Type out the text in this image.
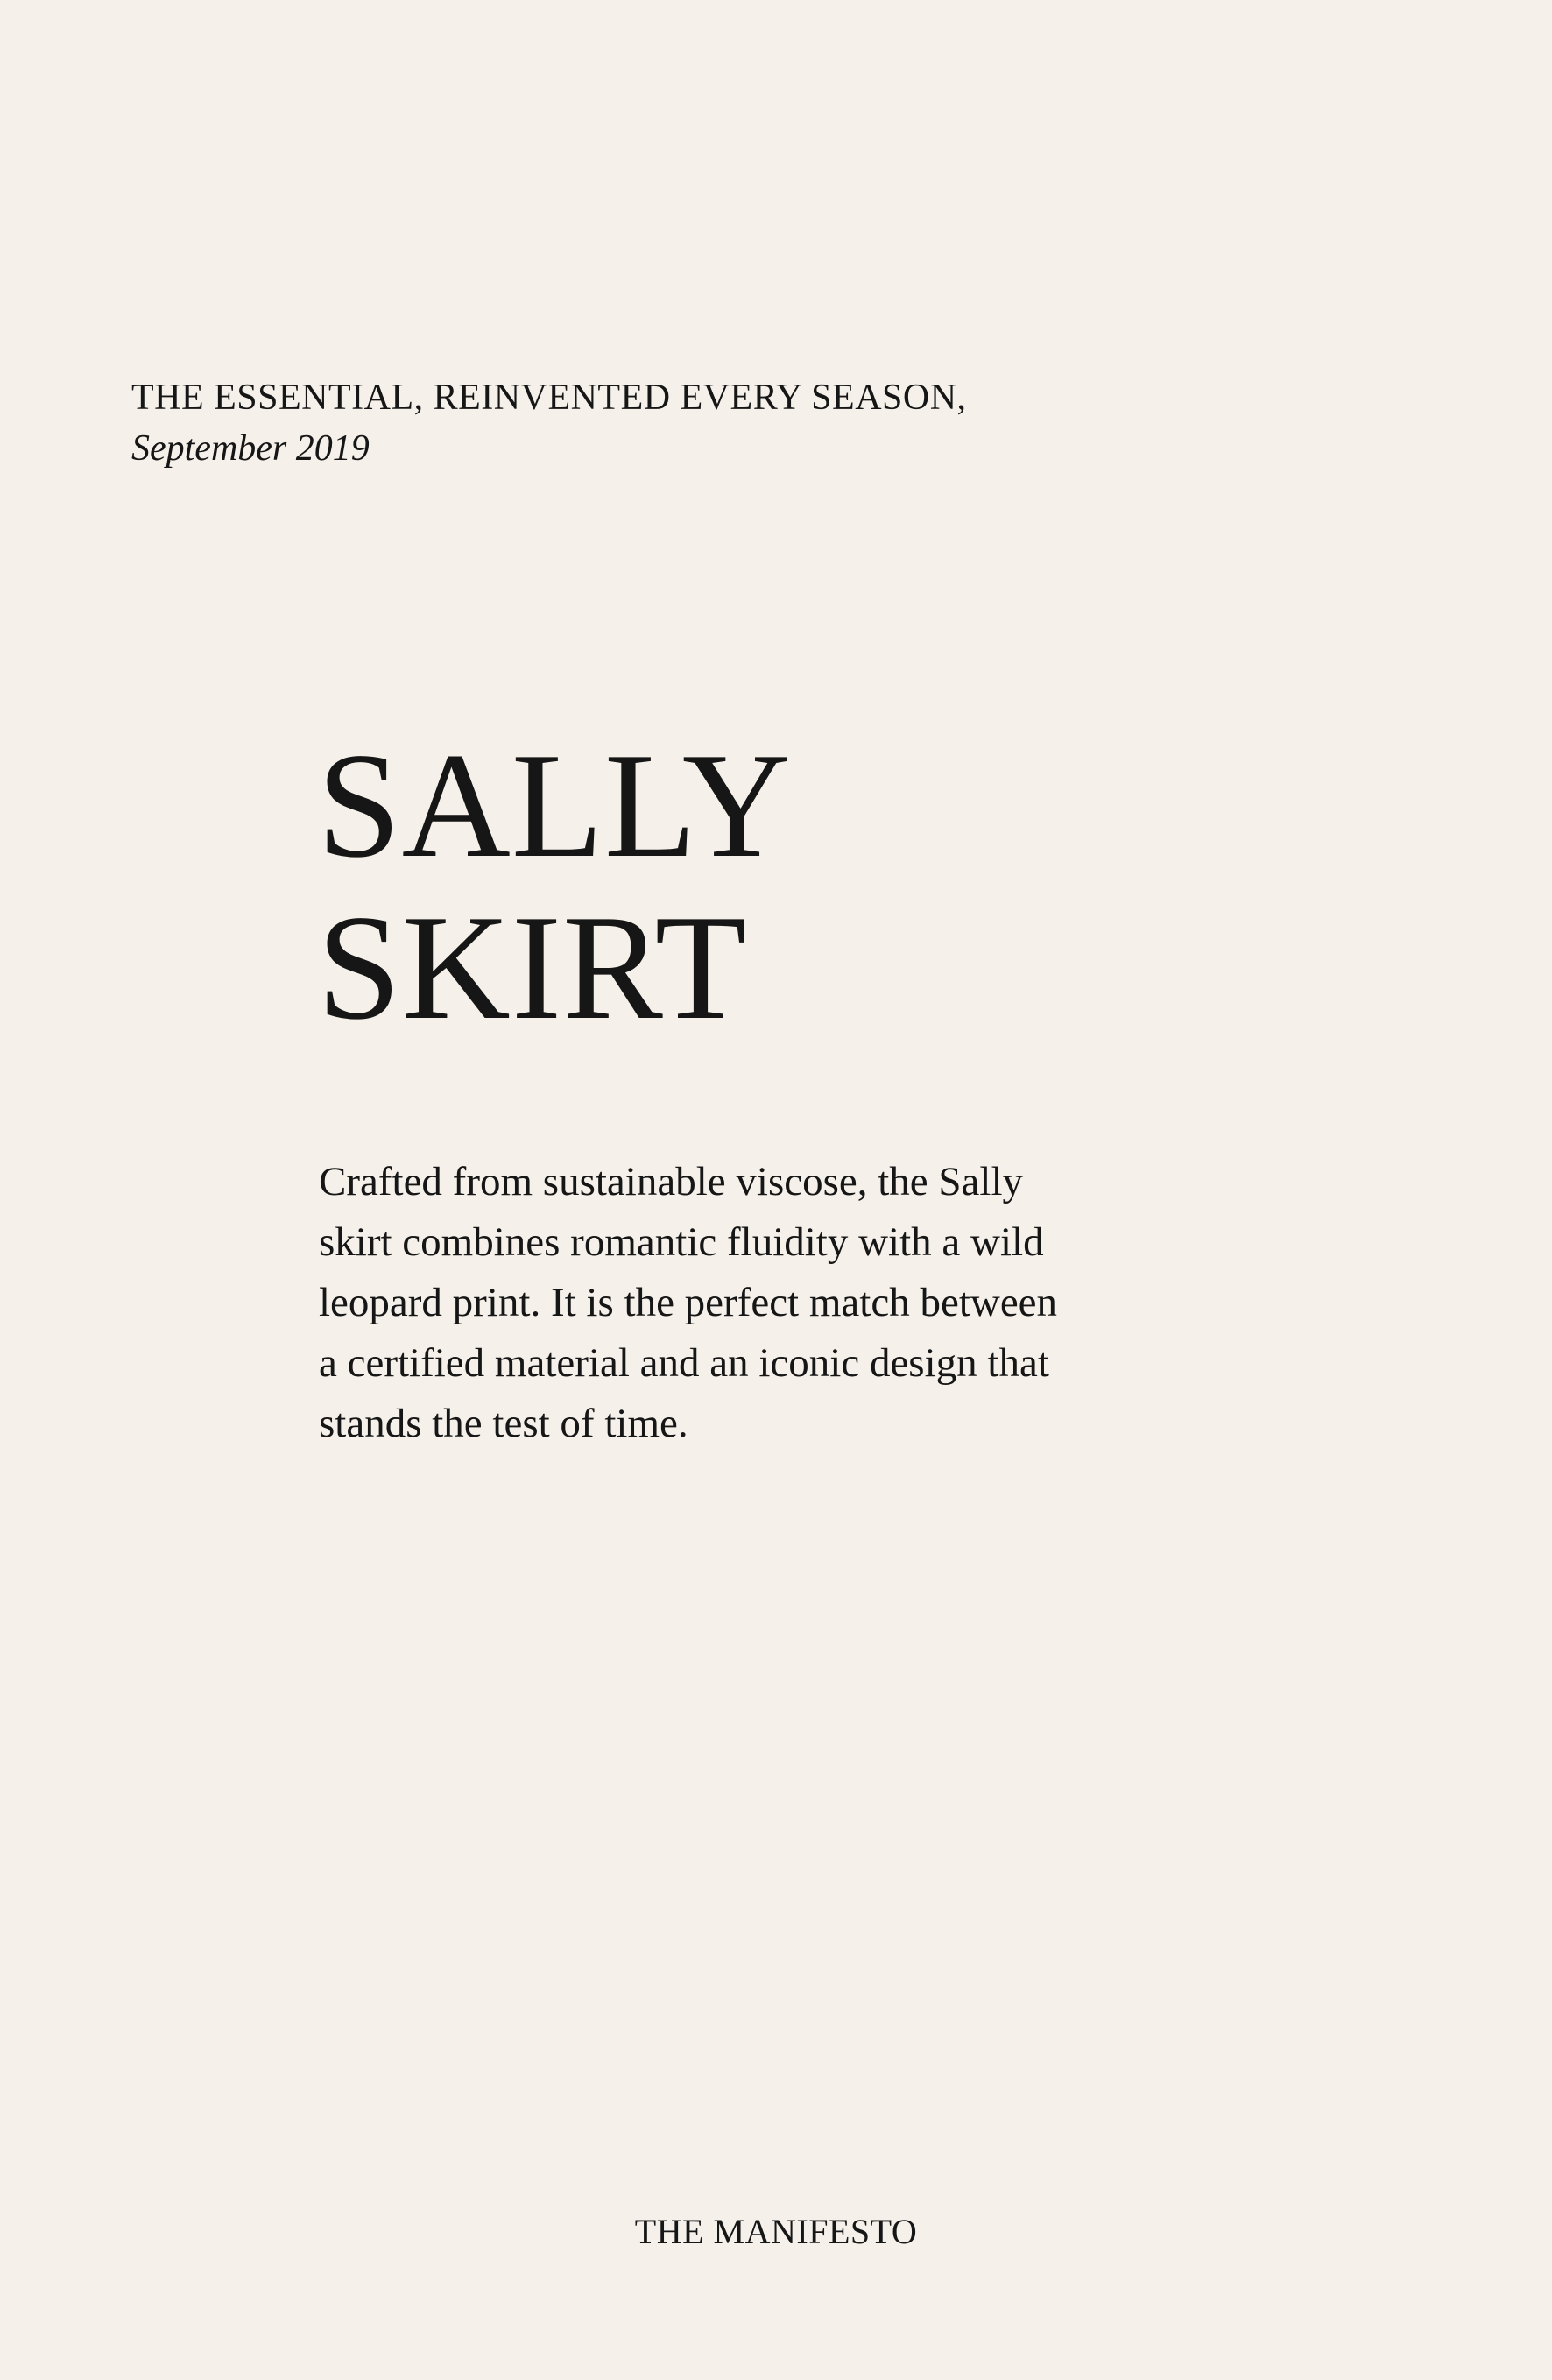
THE ESSENTIAL, REINVENTED EVERY SEASON,
September 2019
SALLY
SKIRT

Crafted from sustainable viscose, the Sally
skirt combines romantic fluidity with a wild
leopard print. It is the perfect match between
a certified material and an iconic design that
stands the test of time.

THE MANIFESTO
